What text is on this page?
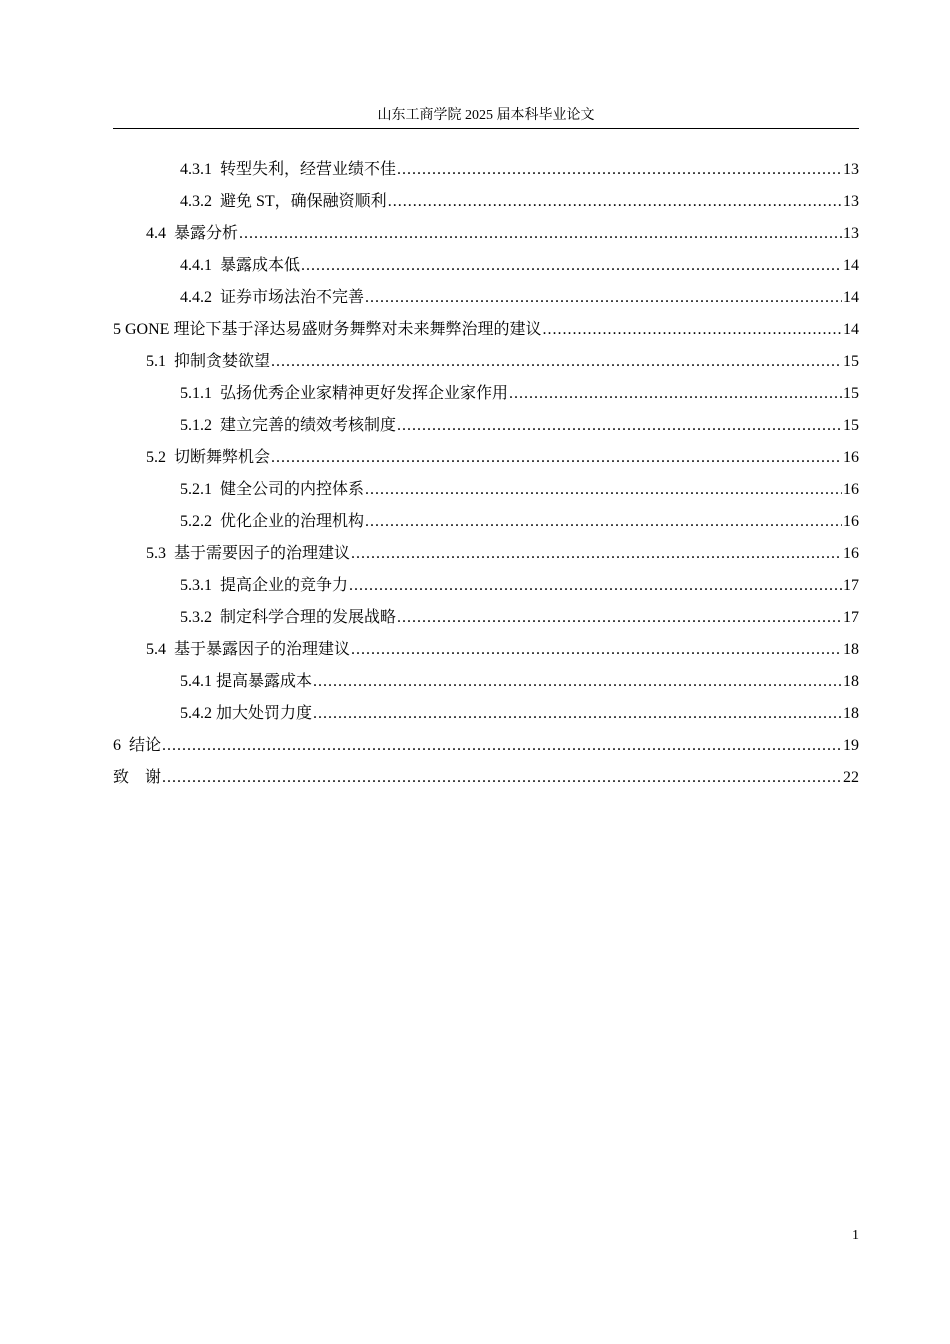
山东工商学院 2025 届本科毕业论文
4.3.1 转型失利，经营业绩不佳 .....	13
4.3.2 避免 ST，确保融资顺利 .....	13
4.4 暴露分析 .....	13
4.4.1 暴露成本低 .....	14
4.4.2 证券市场法治不完善 .....	14
5 GONE 理论下基于泽达易盛财务舞弊对未来舞弊治理的建议 .....	14
5.1 抑制贪婪欲望 .....	15
5.1.1 弘扬优秀企业家精神更好发挥企业家作用 .....	15
5.1.2 建立完善的绩效考核制度 .....	15
5.2 切断舞弊机会 .....	16
5.2.1 健全公司的内控体系 .....	16
5.2.2 优化企业的治理机构 .....	16
5.3 基于需要因子的治理建议 .....	16
5.3.1 提高企业的竞争力 .....	17
5.3.2 制定科学合理的发展战略 .....	17
5.4 基于暴露因子的治理建议 .....	18
5.4.1 提高暴露成本 .....	18
5.4.2 加大处罚力度 .....	18
6 结论 .....	19
致　谢 .....	22
1
